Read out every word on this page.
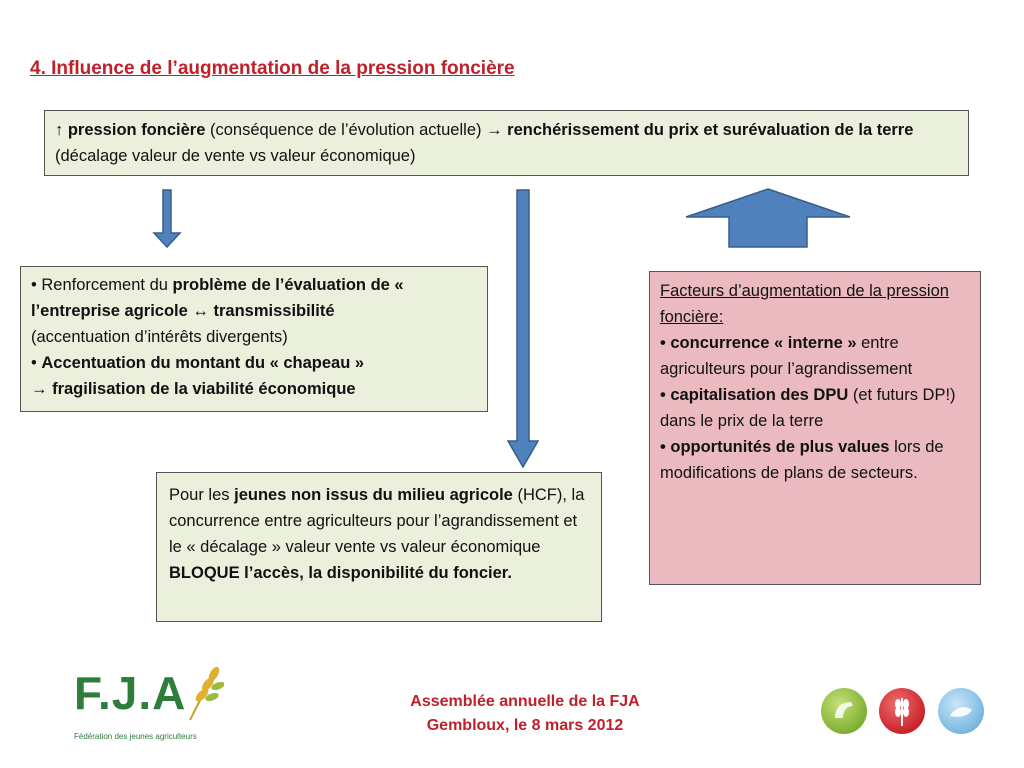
4. Influence de l’augmentation de la pression foncière

↑ pression foncière (conséquence de l’évolution actuelle) → renchérissement du prix et surévaluation de la terre (décalage valeur de vente vs valeur économique)

• Renforcement du problème de l’évaluation de « l’entreprise agricole ↔ transmissibilité

(accentuation d’intérêts divergents)

• Accentuation du montant du « chapeau »

→ fragilisation de la viabilité économique

Pour les jeunes non issus du milieu agricole (HCF), la concurrence entre agriculteurs pour l’agrandissement et le « décalage » valeur vente vs valeur économique BLOQUE l’accès, la disponibilité du foncier.

Facteurs d’augmentation de la pression foncière:

• concurrence « interne » entre agriculteurs pour l’agrandissement

• capitalisation des DPU (et futurs DP!) dans le prix de la terre

• opportunités de plus values lors de modifications de plans de secteurs.

F.J.A
Fédération des jeunes agriculteurs
Assemblée annuelle de la FJA
Gembloux, le 8 mars 2012
